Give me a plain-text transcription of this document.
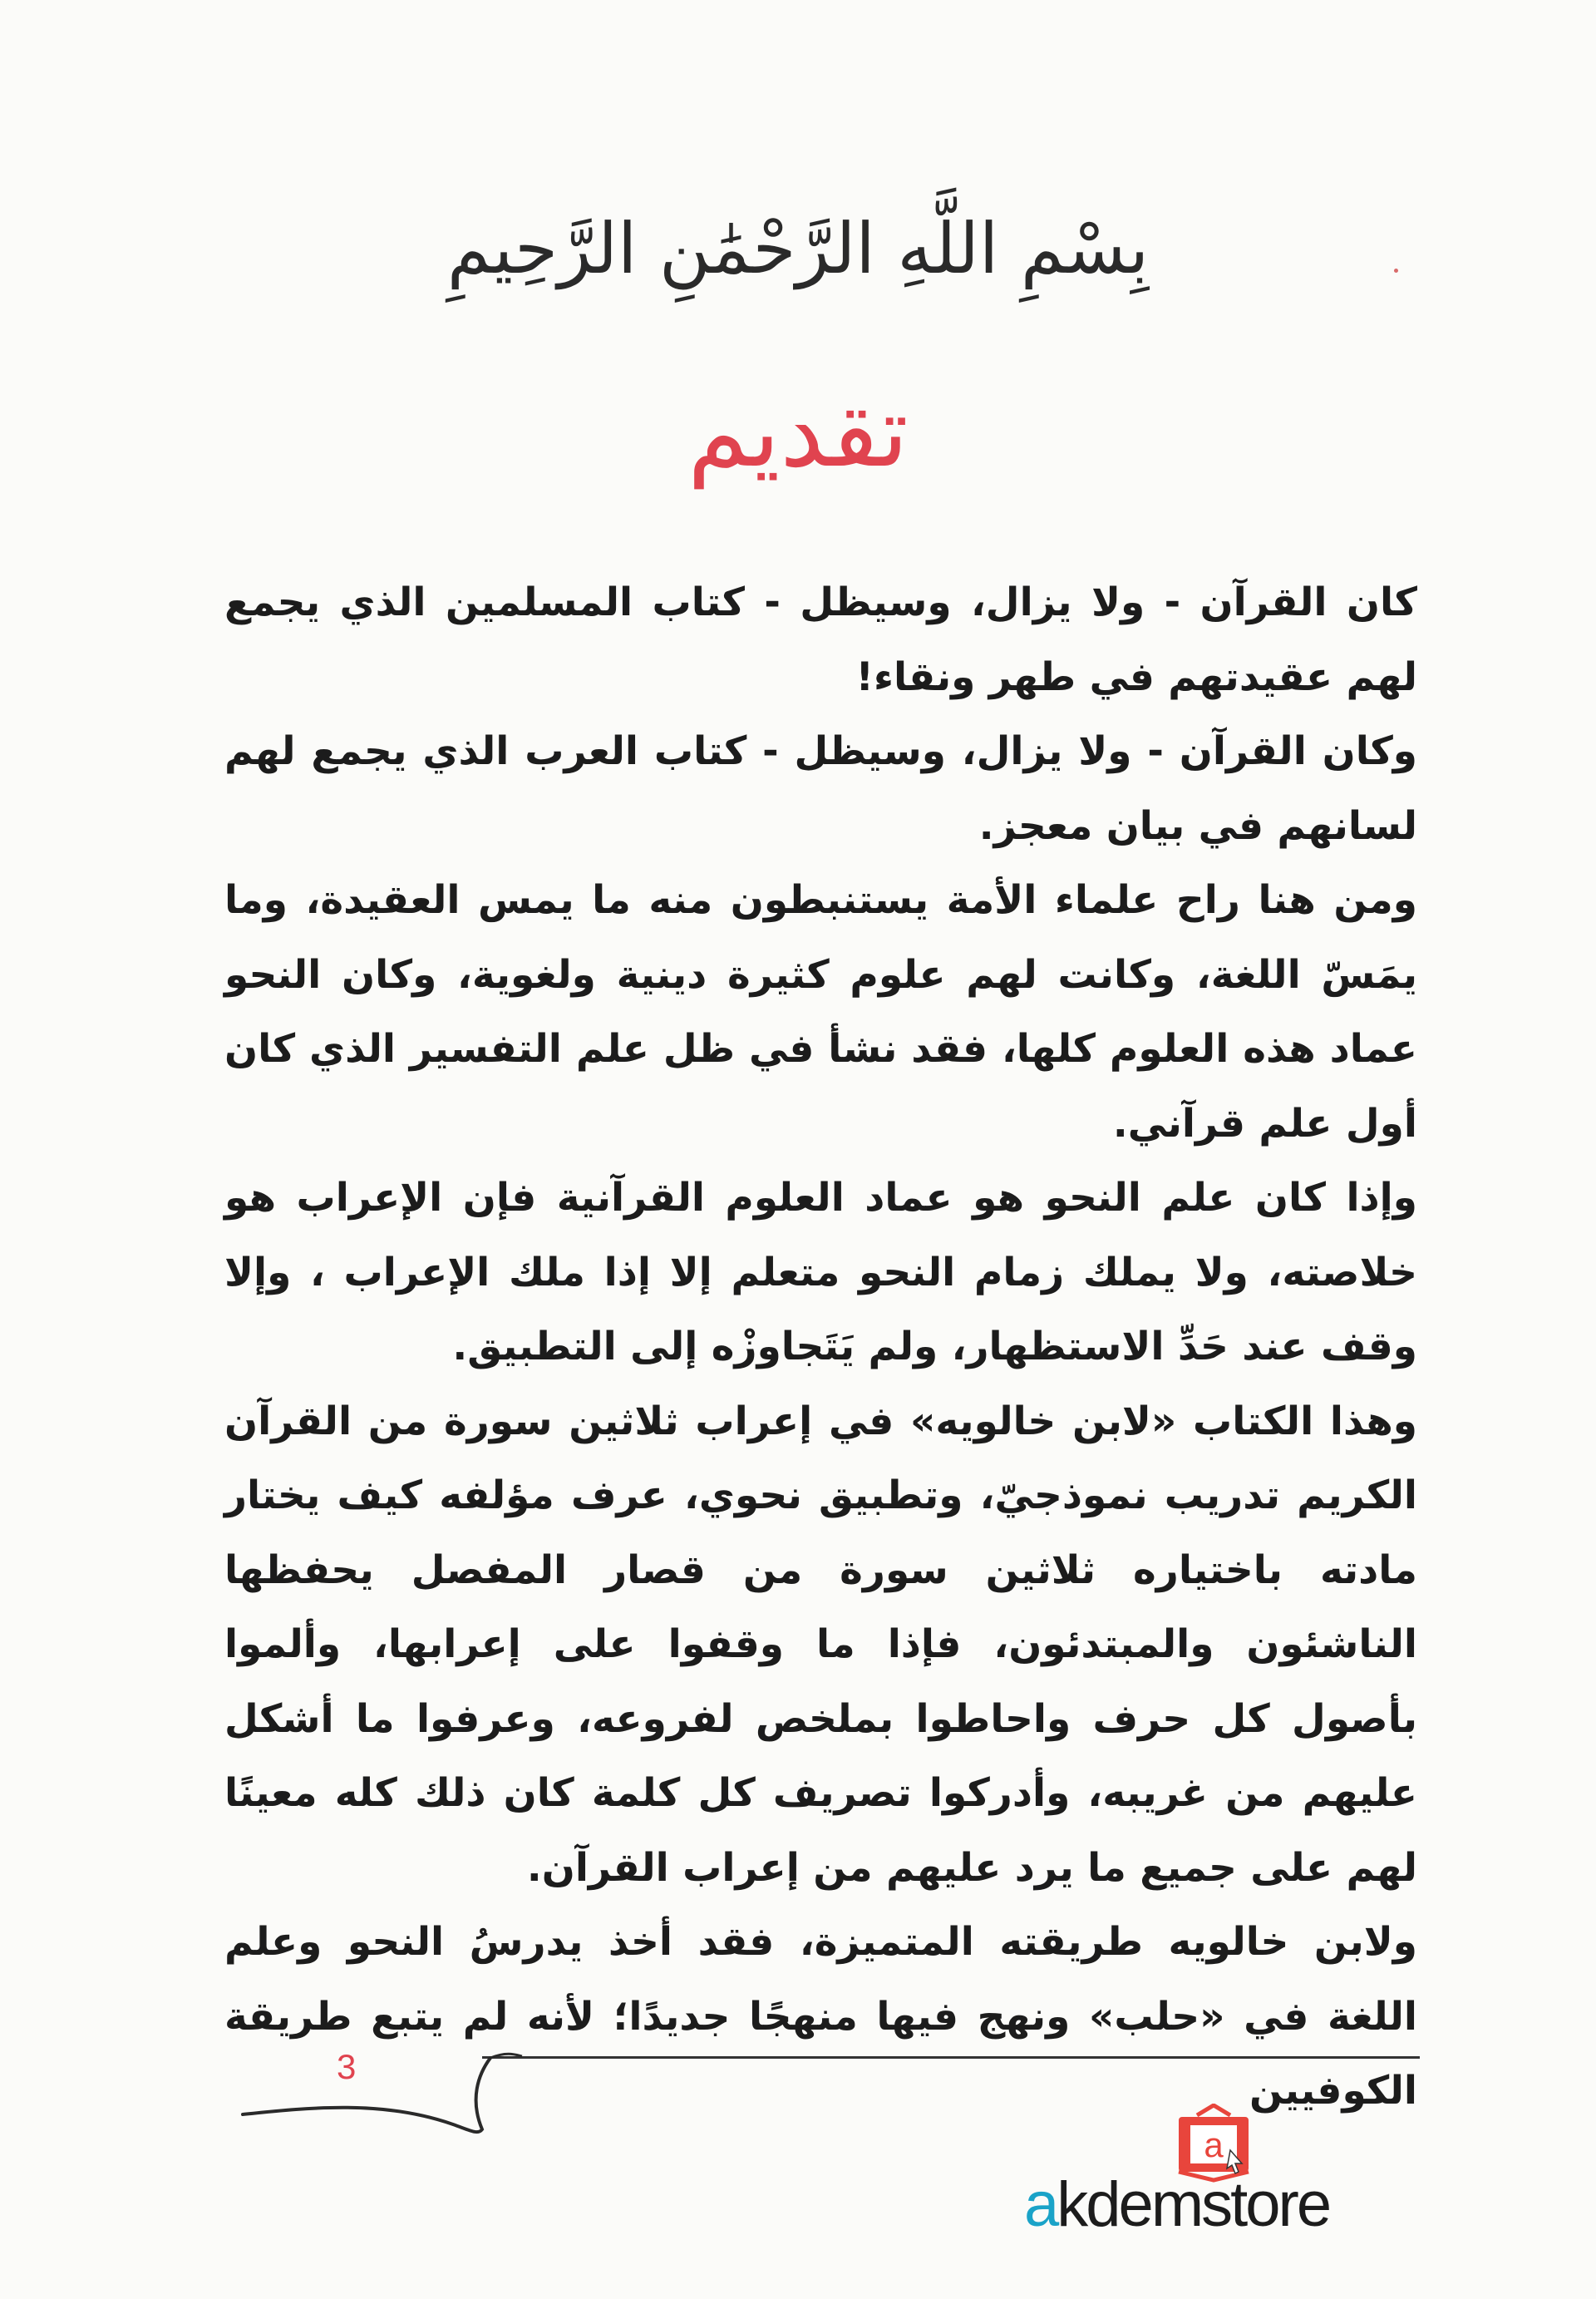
بِسْمِ اللَّهِ الرَّحْمَٰنِ الرَّحِيمِ
تقديم

كان القرآن - ولا يزال، وسيظل - كتاب المسلمين الذي يجمع لهم عقيدتهم في طهر ونقاء!

وكان القرآن - ولا يزال، وسيظل - كتاب العرب الذي يجمع لهم لسانهم في بيان معجز.

ومن هنا راح علماء الأمة يستنبطون منه ما يمس العقيدة، وما يمَسّ اللغة، وكانت لهم علوم كثيرة دينية ولغوية، وكان النحو عماد هذه العلوم كلها، فقد نشأ في ظل علم التفسير الذي كان أول علم قرآني.

وإذا كان علم النحو هو عماد العلوم القرآنية فإن الإعراب هو خلاصته، ولا يملك زمام النحو متعلم إلا إذا ملك الإعراب ، وإلا وقف عند حَدِّ الاستظهار، ولم يَتَجاوزْه إلى التطبيق.

وهذا الكتاب «لابن خالويه» في إعراب ثلاثين سورة من القرآن الكريم تدريب نموذجيّ، وتطبيق نحوي، عرف مؤلفه كيف يختار مادته باختياره ثلاثين سورة من قصار المفصل يحفظها الناشئون والمبتدئون، فإذا ما وقفوا على إعرابها، وألموا بأصول كل حرف واحاطوا بملخص لفروعه، وعرفوا ما أشكل عليهم من غريبه، وأدركوا تصريف كل كلمة كان ذلك كله معينًا لهم على جميع ما يرد عليهم من إعراب القرآن.

ولابن خالويه طريقته المتميزة، فقد أخذ يدرسُ النحو وعلم اللغة في «حلب» ونهج فيها منهجًا جديدًا؛ لأنه لم يتبع طريقة الكوفيين

3
a
akdemstore
